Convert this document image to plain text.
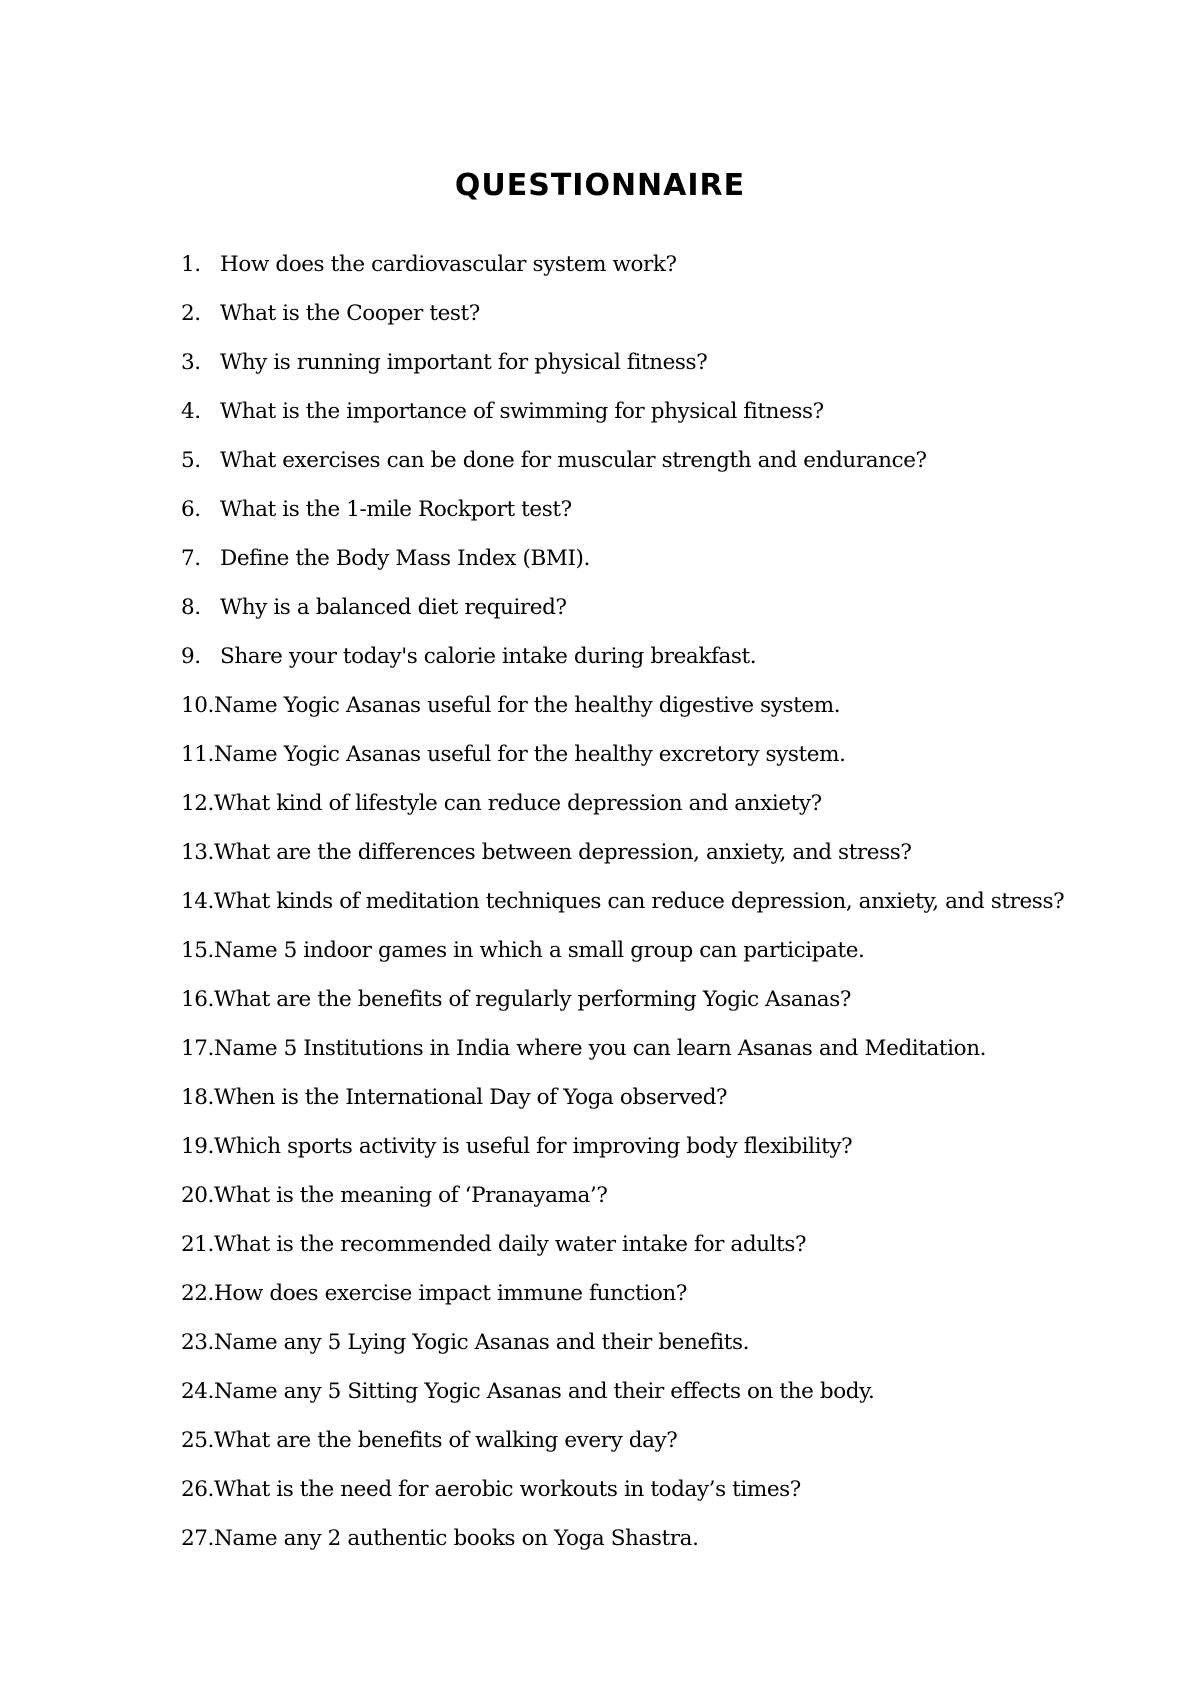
QUESTIONNAIRE
1. How does the cardiovascular system work?
2. What is the Cooper test?
3. Why is running important for physical fitness?
4. What is the importance of swimming for physical fitness?
5. What exercises can be done for muscular strength and endurance?
6. What is the 1-mile Rockport test?
7. Define the Body Mass Index (BMI).
8. Why is a balanced diet required?
9. Share your today's calorie intake during breakfast.
10. Name Yogic Asanas useful for the healthy digestive system.
11. Name Yogic Asanas useful for the healthy excretory system.
12. What kind of lifestyle can reduce depression and anxiety?
13. What are the differences between depression, anxiety, and stress?
14. What kinds of meditation techniques can reduce depression, anxiety, and stress?
15. Name 5 indoor games in which a small group can participate.
16. What are the benefits of regularly performing Yogic Asanas?
17. Name 5 Institutions in India where you can learn Asanas and Meditation.
18. When is the International Day of Yoga observed?
19. Which sports activity is useful for improving body flexibility?
20. What is the meaning of ‘Pranayama’?
21. What is the recommended daily water intake for adults?
22. How does exercise impact immune function?
23. Name any 5 Lying Yogic Asanas and their benefits.
24. Name any 5 Sitting Yogic Asanas and their effects on the body.
25. What are the benefits of walking every day?
26. What is the need for aerobic workouts in today’s times?
27. Name any 2 authentic books on Yoga Shastra.
